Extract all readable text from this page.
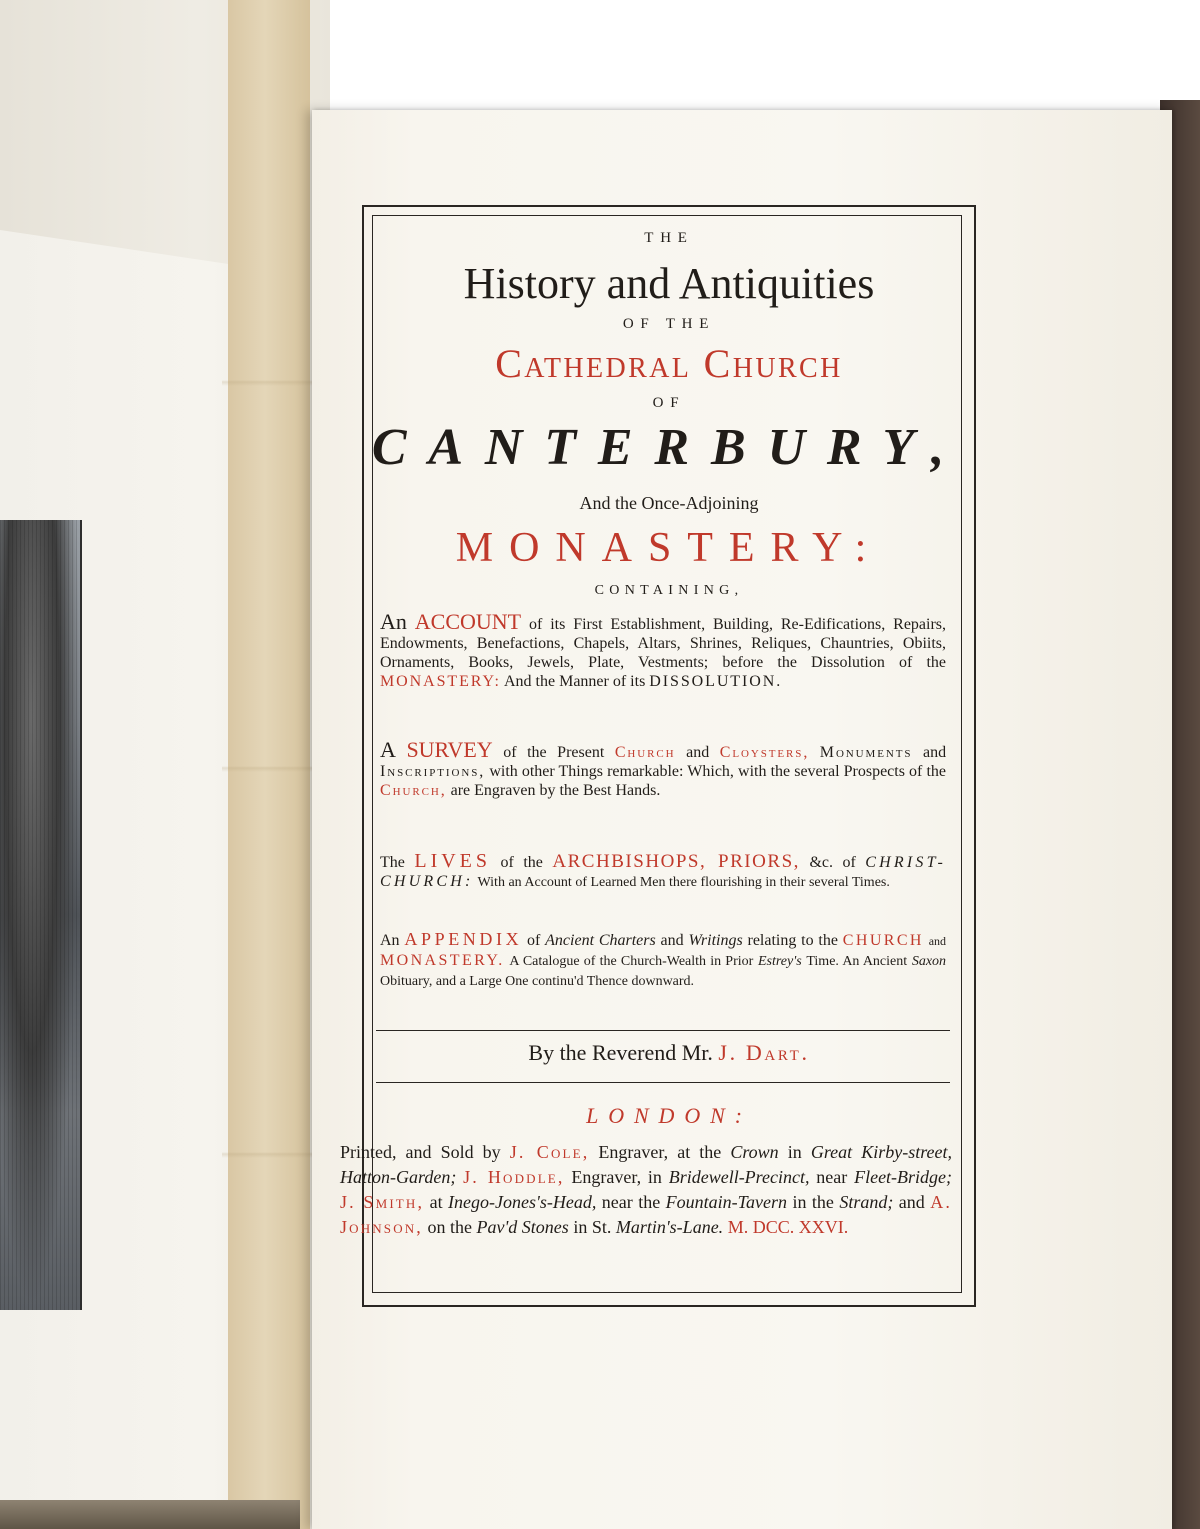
THE
History and Antiquities
OF THE
Cathedral Church
OF
CANTERBURY,
And the Once-Adjoining
MONASTERY:
CONTAINING,
An ACCOUNT of its First Establishment, Building, Re-Edifications, Repairs, Endowments, Benefactions, Chapels, Altars, Shrines, Reliques, Chauntries, Obiits, Ornaments, Books, Jewels, Plate, Vestments; before the Dissolution of the MONASTERY: And the Manner of its DISSOLUTION.
A SURVEY of the Present Church and Cloysters, Monuments and Inscriptions, with other Things remarkable: Which, with the several Prospects of the Church, are Engraven by the Best Hands.
The LIVES of the ARCHBISHOPS, PRIORS, &c. of CHRIST-CHURCH: With an Account of Learned Men there flourishing in their several Times.
An APPENDIX of Ancient Charters and Writings relating to the CHURCH and MONASTERY. A Catalogue of the Church-Wealth in Prior Estrey's Time. An Ancient Saxon Obituary, and a Large One continu'd Thence downward.
By the Reverend Mr. J. Dart.
LONDON:
Printed, and Sold by J. Cole, Engraver, at the Crown in Great Kirby-street, Hatton-Garden; J. Hoddle, Engraver, in Bridewell-Precinct, near Fleet-Bridge; J. Smith, at Inego-Jones's-Head, near the Fountain-Tavern in the Strand; and A. Johnson, on the Pav'd Stones in St. Martin's-Lane. M. DCC. XXVI.
